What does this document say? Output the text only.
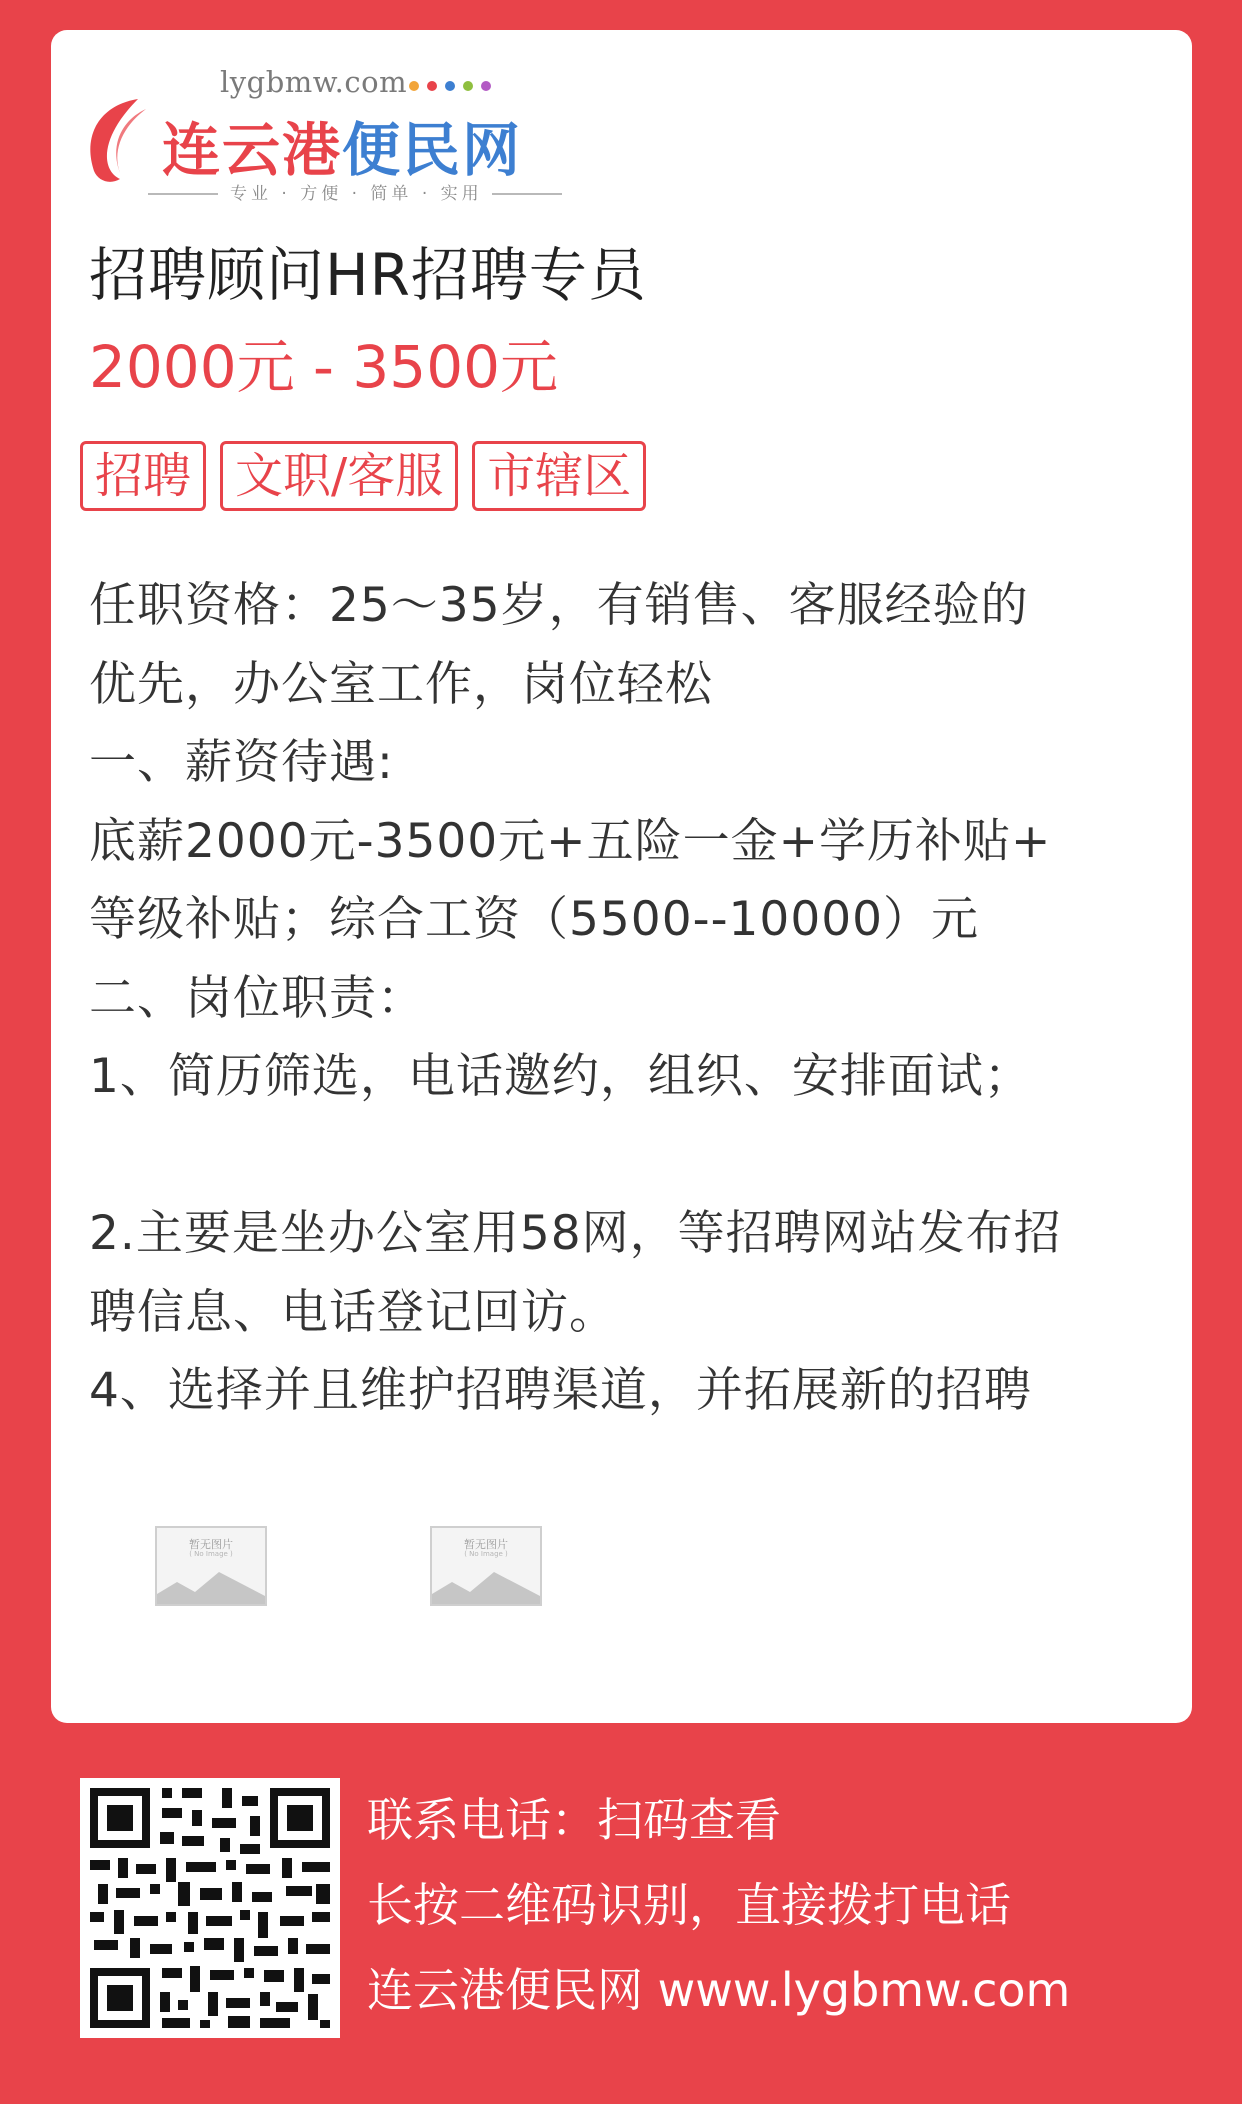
lygbmw.com
连云港便民网
专业 · 方便 · 简单 · 实用
招聘顾问HR招聘专员
2000元 - 3500元
招聘 文职/客服 市辖区
任职资格：25～35岁，有销售、客服经验的
优先，办公室工作，岗位轻松
一、薪资待遇:
底薪2000元-3500元+五险一金+学历补贴+
等级补贴；综合工资（5500--10000）元
二、岗位职责：
1、简历筛选，电话邀约，组织、安排面试；
2.主要是坐办公室用58网，等招聘网站发布招
聘信息、电话登记回访。
4、选择并且维护招聘渠道，并拓展新的招聘
暂无图片
( No Image )
暂无图片
( No Image )
联系电话：扫码查看
长按二维码识别，直接拨打电话
连云港便民网 www.lygbmw.com
